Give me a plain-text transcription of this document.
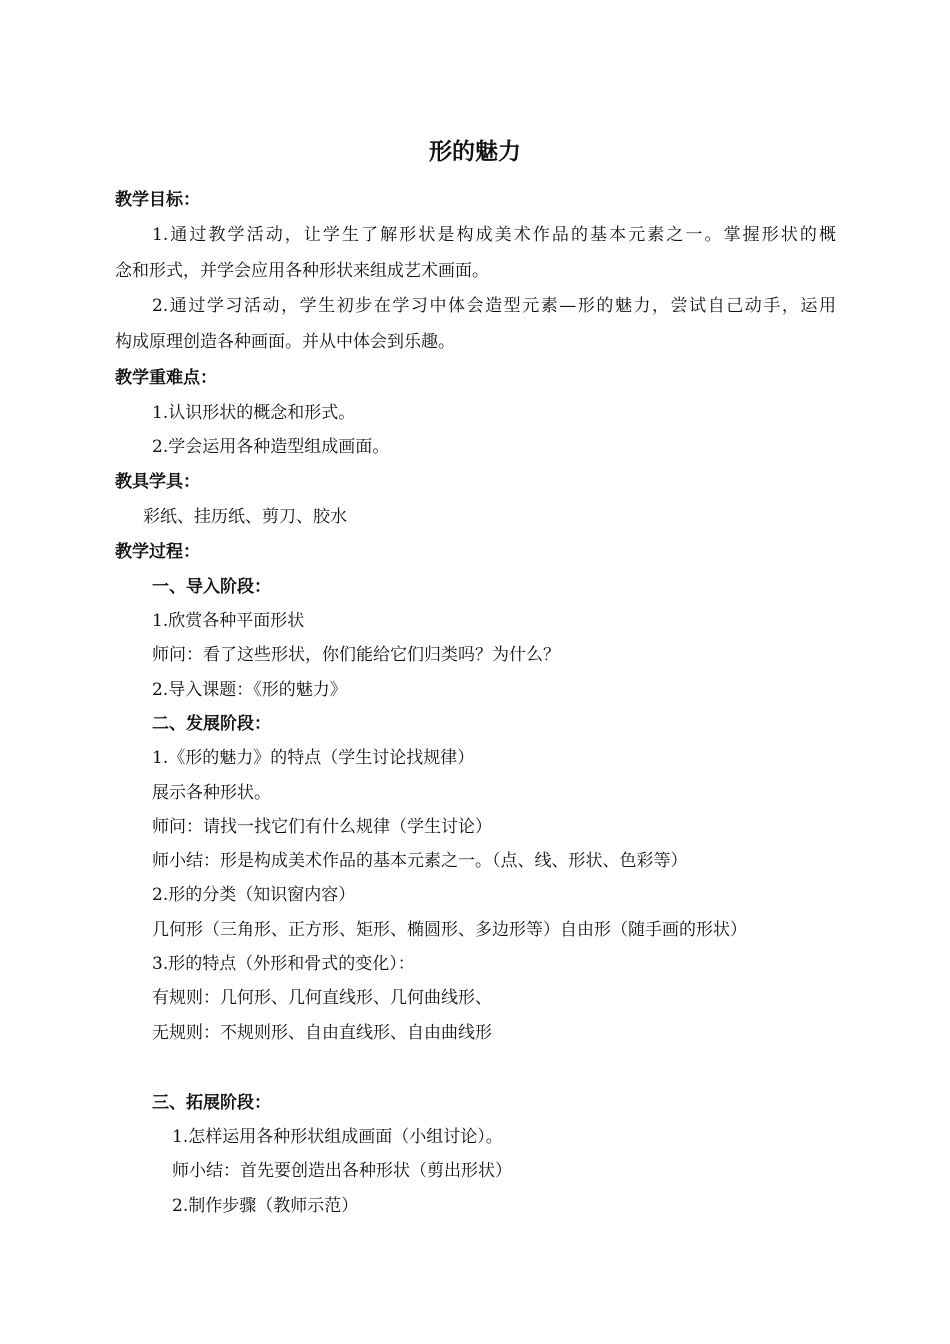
形的魅力
教学目标：
1.通过教学活动，让学生了解形状是构成美术作品的基本元素之一。掌握形状的概
念和形式，并学会应用各种形状来组成艺术画面。
2.通过学习活动，学生初步在学习中体会造型元素—形的魅力，尝试自己动手，运用
构成原理创造各种画面。并从中体会到乐趣。
教学重难点：
1.认识形状的概念和形式。
2.学会运用各种造型组成画面。
教具学具：
彩纸、挂历纸、剪刀、胶水
教学过程：
一、导入阶段：
1.欣赏各种平面形状
师问：看了这些形状，你们能给它们归类吗？为什么？
2.导入课题：《形的魅力》
二、发展阶段：
1.《形的魅力》的特点（学生讨论找规律）
展示各种形状。
师问：请找一找它们有什么规律（学生讨论）
师小结：形是构成美术作品的基本元素之一。（点、线、形状、色彩等）
2.形的分类（知识窗内容）
几何形（三角形、正方形、矩形、椭圆形、多边形等）自由形（随手画的形状）
3.形的特点（外形和骨式的变化）：
有规则：几何形、几何直线形、几何曲线形、
无规则：不规则形、自由直线形、自由曲线形
三、拓展阶段：
1.怎样运用各种形状组成画面（小组讨论）。
师小结：首先要创造出各种形状（剪出形状）
2.制作步骤（教师示范）
